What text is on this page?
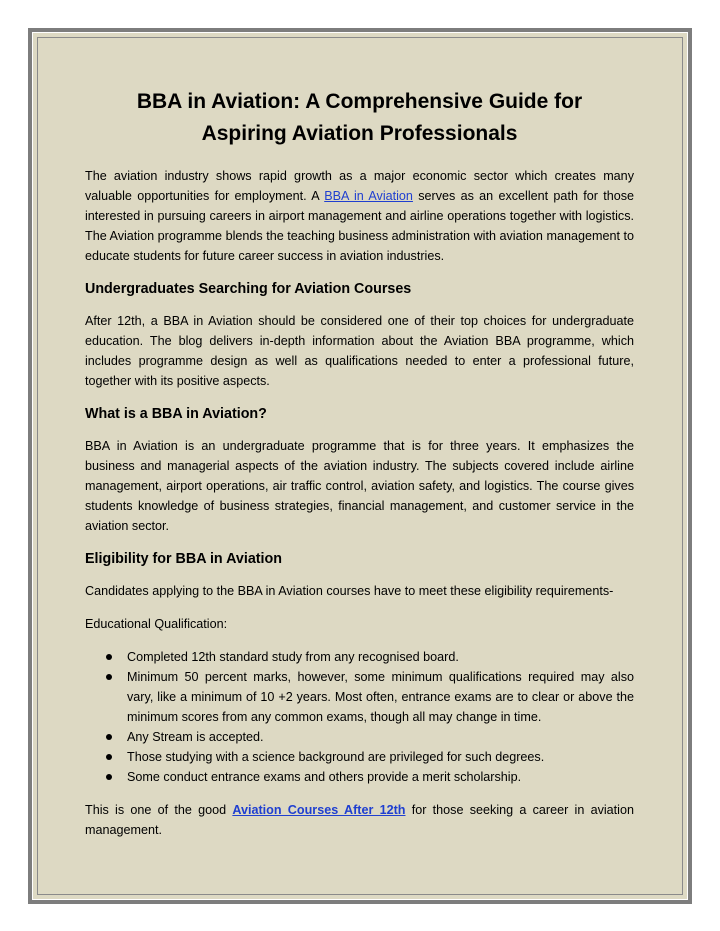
BBA in Aviation: A Comprehensive Guide for
Aspiring Aviation Professionals

The aviation industry shows rapid growth as a major economic sector which creates many valuable opportunities for employment. A BBA in Aviation serves as an excellent path for those interested in pursuing careers in airport management and airline operations together with logistics. The Aviation programme blends the teaching business administration with aviation management to educate students for future career success in aviation industries.

Undergraduates Searching for Aviation Courses

After 12th, a BBA in Aviation should be considered one of their top choices for undergraduate education. The blog delivers in-depth information about the Aviation BBA programme, which includes programme design as well as qualifications needed to enter a professional future, together with its positive aspects.

What is a BBA in Aviation?

BBA in Aviation is an undergraduate programme that is for three years. It emphasizes the business and managerial aspects of the aviation industry. The subjects covered include airline management, airport operations, air traffic control, aviation safety, and logistics. The course gives students knowledge of business strategies, financial management, and customer service in the aviation sector.

Eligibility for BBA in Aviation

Candidates applying to the BBA in Aviation courses have to meet these eligibility requirements-

Educational Qualification:

Completed 12th standard study from any recognised board.
Minimum 50 percent marks, however, some minimum qualifications required may also vary, like a minimum of 10 +2 years. Most often, entrance exams are to clear or above the minimum scores from any common exams, though all may change in time.
Any Stream is accepted.
Those studying with a science background are privileged for such degrees.
Some conduct entrance exams and others provide a merit scholarship.

This is one of the good Aviation Courses After 12th for those seeking a career in aviation management.
